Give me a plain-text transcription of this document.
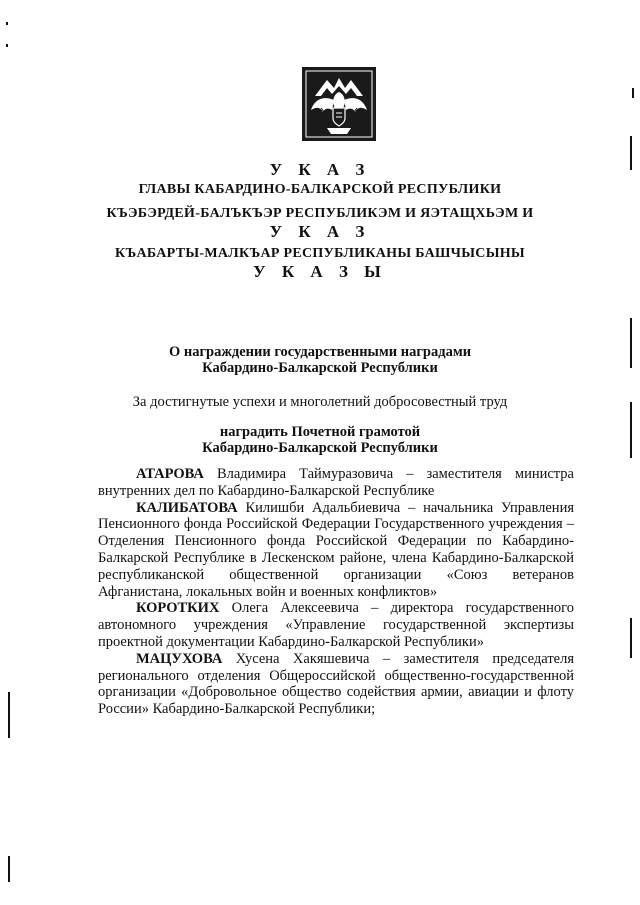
У К А З
ГЛАВЫ КАБАРДИНО-БАЛКАРСКОЙ РЕСПУБЛИКИ
КЪЭБЭРДЕЙ-БАЛЪКЪЭР РЕСПУБЛИКЭМ И ЯЭТАЩХЬЭМ И
У К А З
КЪАБАРТЫ-МАЛКЪАР РЕСПУБЛИКАНЫ БАШЧЫСЫНЫ
У К А З Ы
О награждении государственными наградами
Кабардино-Балкарской Республики
За достигнутые успехи и многолетний добросовестный труд
наградить Почетной грамотой
Кабардино-Балкарской Республики

АТАРОВА Владимира Таймуразовича – заместителя министра внутренних дел по Кабардино-Балкарской Республике

КАЛИБАТОВА Килишби Адальбиевича – начальника Управления Пенсионного фонда Российской Федерации Государственного учреждения – Отделения Пенсионного фонда Российской Федерации по Кабардино-Балкарской Республике в Лескенском районе, члена Кабардино-Балкарской республиканской общественной организации «Союз ветеранов Афганистана, локальных войн и военных конфликтов»

КОРОТКИХ Олега Алексеевича – директора государственного автономного учреждения «Управление государственной экспертизы проектной документации Кабардино-Балкарской Республики»

МАЦУХОВА Хусена Хакяшевича – заместителя председателя регионального отделения Общероссийской общественно-государственной организации «Добровольное общество содействия армии, авиации и флоту России» Кабардино-Балкарской Республики;
